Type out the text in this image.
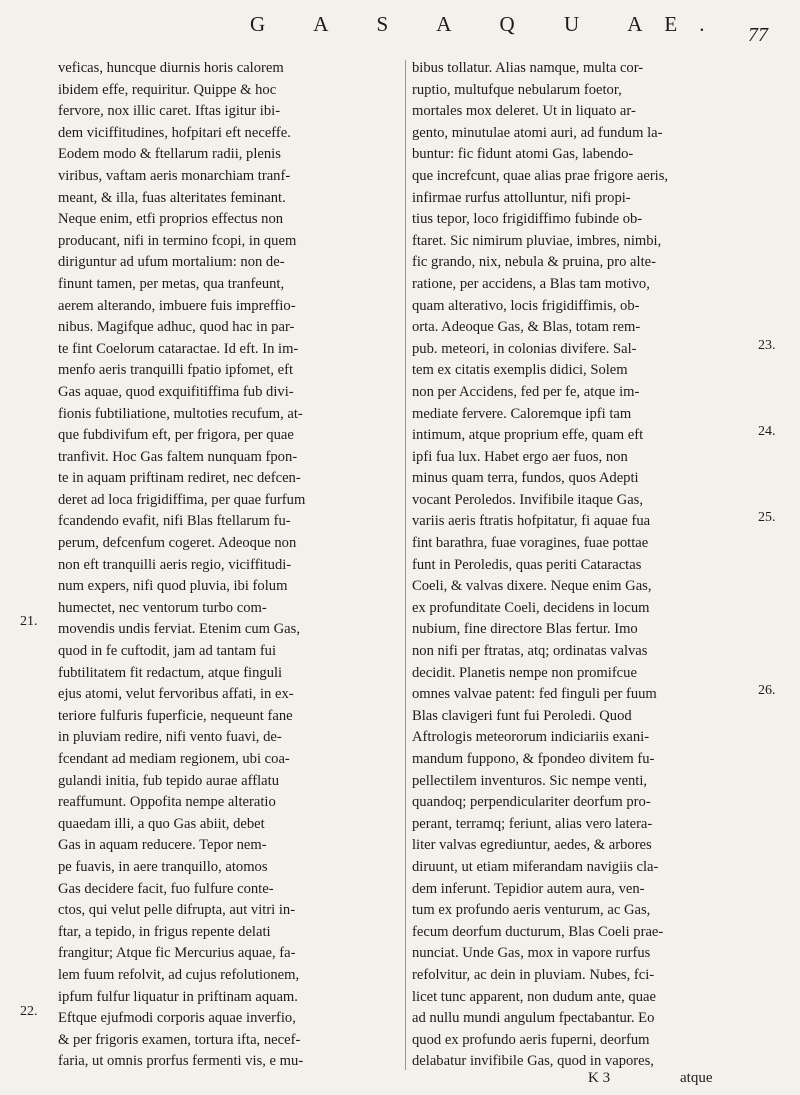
G A S A Q U AE. 77
veficas, huncque diurnis horis calorem
ibidem effe, requiritur. Quippe & hoc
fervore, nox illic caret. Iftas igitur ibi-
dem viciffitudines, hofpitari eft neceffe.
Eodem modo & ftellarum radii, plenis
viribus, vaftam aeris monarchiam tranf-
meant, & illa, fuas alteritates feminant.
Neque enim, etfi proprios effectus non
producant, nifi in termino fcopi, in quem
diriguntur ad ufum mortalium: non de-
finunt tamen, per metas, qua tranfeunt,
aerem alterando, imbuere fuis impreffio-
nibus. Magifque adhuc, quod hac in par-
te fint Coelorum cataractae. Id eft. In im-
menfo aeris tranquilli fpatio ipfomet, eft
Gas aquae, quod exquifitiffima fub divi-
fionis fubtiliatione, multoties recufum, at-
que fubdivifum eft, per frigora, per quae
tranfivit. Hoc Gas faltem nunquam fpon-
te in aquam priftinam rediret, nec defcen-
deret ad loca frigidiffima, per quae furfum
fcandendo evafit, nifi Blas ftellarum fu-
perum, defcenfum cogeret. Adeoque non
non eft tranquilli aeris regio, viciffitudi-
num expers, nifi quod pluvia, ibi folum
humectet, nec ventorum turbo com-
movendis undis ferviat. Etenim cum Gas,
quod in fe cuftodit, jam ad tantam fui
fubtilitatem fit redactum, atque finguli
ejus atomi, velut fervoribus affati, in ex-
teriore fulfuris fuperficie, nequeunt fane
in pluviam redire, nifi vento fuavi, de-
fcendant ad mediam regionem, ubi coa-
gulandi initia, fub tepido aurae afflatu
reaffumunt. Oppofita nempe alteratio
quaedam illi, a quo Gas abiit, debet
Gas in aquam reducere. Tepor nem-
pe fuavis, in aere tranquillo, atomos
Gas decidere facit, fuo fulfure conte-
ctos, qui velut pelle difrupta, aut vitri in-
ftar, a tepido, in frigus repente delati
frangitur; Atque fic Mercurius aquae, fa-
lem fuum refolvit, ad cujus refolutionem,
ipfum fulfur liquatur in priftinam aquam.
Eftque ejufmodi corporis aquae inverfio,
& per frigoris examen, tortura ifta, necef-
faria, ut omnis prorfus fermenti vis, e mu-
bibus tollatur. Alias namque, multa cor-
ruptio, multufque nebularum foetor,
mortales mox deleret. Ut in liquato ar-
gento, minutulae atomi auri, ad fundum la-
buntur: fic fidunt atomi Gas, labendo-
que increfcunt, quae alias prae frigore aeris,
infirmae rurfus attolluntur, nifi propi-
tius tepor, loco frigidiffimo fubinde ob-
ftaret. Sic nimirum pluviae, imbres, nimbi,
fic grando, nix, nebula & pruina, pro alte-
ratione, per accidens, a Blas tam motivo,
quam alterativo, locis frigidiffimis, ob-
orta. Adeoque Gas, & Blas, totam rem-
pub. meteori, in colonias divifere. Sal-
tem ex citatis exemplis didici, Solem
non per Accidens, fed per fe, atque im-
mediate fervere. Caloremque ipfi tam
intimum, atque proprium effe, quam eft
ipfi fua lux. Habet ergo aer fuos, non
minus quam terra, fundos, quos Adepti
vocant Peroledos. Invifibile itaque Gas,
variis aeris ftratis hofpitatur, fi aquae fua
fint barathra, fuae voragines, fuae pottae
funt in Peroledis, quas periti Cataractas
Coeli, & valvas dixere. Neque enim Gas,
ex profunditate Coeli, decidens in locum
nubium, fine directore Blas fertur. Imo
non nifi per ftratas, atq; ordinatas valvas
decidit. Planetis nempe non promifcue
omnes valvae patent: fed finguli per fuum
Blas clavigeri funt fui Peroledi. Quod
Aftrologis meteororum indiciariis exani-
mandum fuppono, & fpondeo divitem fu-
pellectilem inventuros. Sic nempe venti,
quandoq; perpendiculariter deorfum pro-
perant, terramq; feriunt, alias vero latera-
liter valvas egrediuntur, aedes, & arbores
diruunt, ut etiam miferandam navigiis cla-
dem inferunt. Tepidior autem aura, ven-
tum ex profundo aeris venturum, ac Gas,
fecum deorfum ducturum, Blas Coeli prae-
nunciat. Unde Gas, mox in vapore rurfus
refolvitur, ac dein in pluviam. Nubes, fci-
licet tunc apparent, non dudum ante, quae
ad nullu mundi angulum fpectabantur. Eo
quod ex profundo aeris fuperni, deorfum
delabatur invifibile Gas, quod in vapores,
21.
22.
23.
24.
25.
26.
K 3	atque
